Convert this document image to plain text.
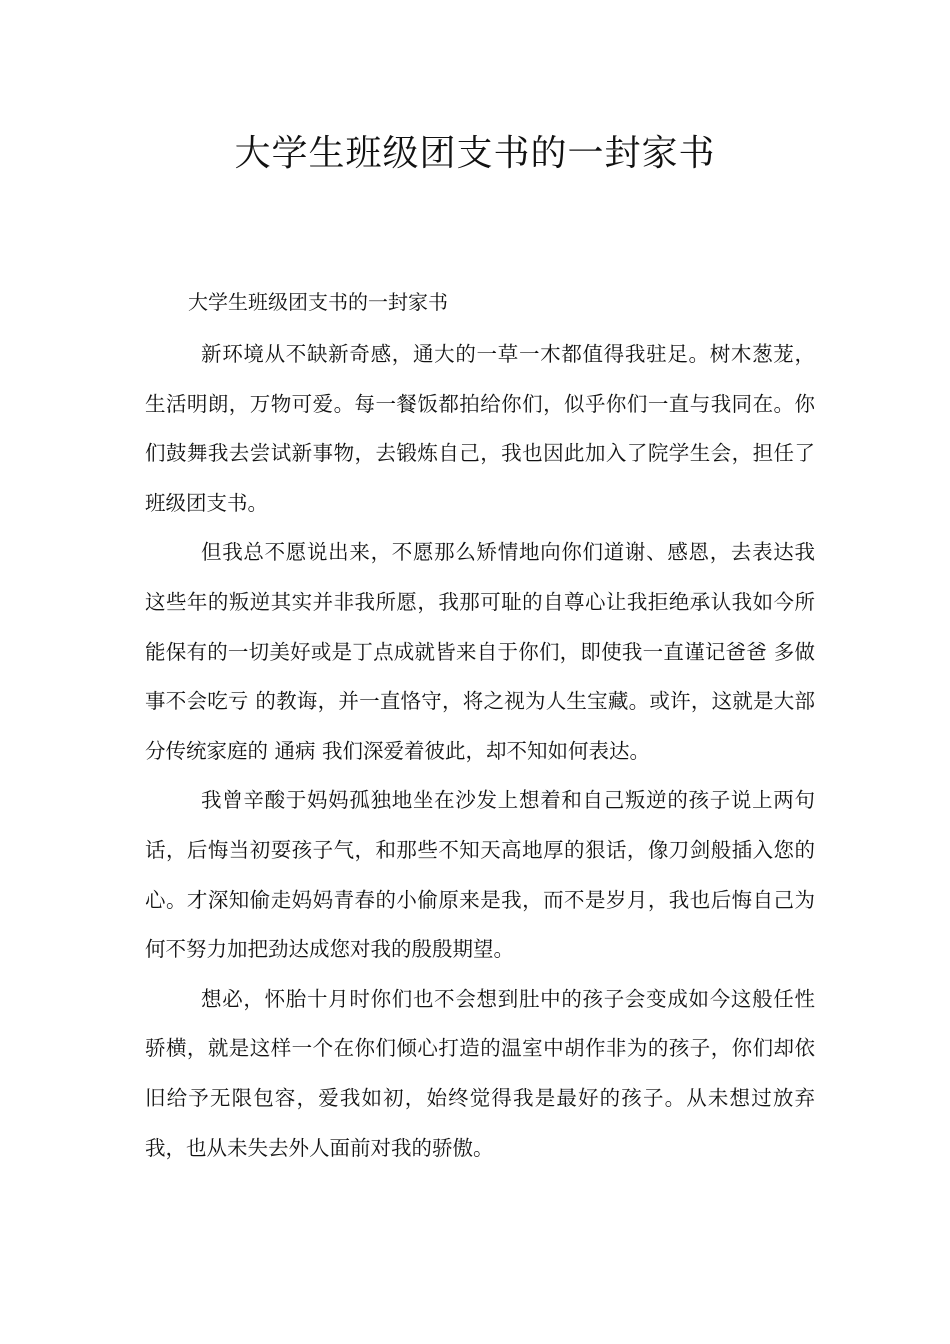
大学生班级团支书的一封家书

大学生班级团支书的一封家书

新环境从不缺新奇感，通大的一草一木都值得我驻足。树木葱茏，生活明朗，万物可爱。每一餐饭都拍给你们，似乎你们一直与我同在。你们鼓舞我去尝试新事物，去锻炼自己，我也因此加入了院学生会，担任了班级团支书。

但我总不愿说出来，不愿那么矫情地向你们道谢、感恩，去表达我这些年的叛逆其实并非我所愿，我那可耻的自尊心让我拒绝承认我如今所能保有的一切美好或是丁点成就皆来自于你们，即使我一直谨记爸爸 多做事不会吃亏 的教诲，并一直恪守，将之视为人生宝藏。或许，这就是大部分传统家庭的 通病 我们深爱着彼此，却不知如何表达。

我曾辛酸于妈妈孤独地坐在沙发上想着和自己叛逆的孩子说上两句话，后悔当初耍孩子气，和那些不知天高地厚的狠话，像刀剑般插入您的心。才深知偷走妈妈青春的小偷原来是我，而不是岁月，我也后悔自己为何不努力加把劲达成您对我的殷殷期望。

想必，怀胎十月时你们也不会想到肚中的孩子会变成如今这般任性骄横，就是这样一个在你们倾心打造的温室中胡作非为的孩子，你们却依旧给予无限包容，爱我如初，始终觉得我是最好的孩子。从未想过放弃我，也从未失去外人面前对我的骄傲。
